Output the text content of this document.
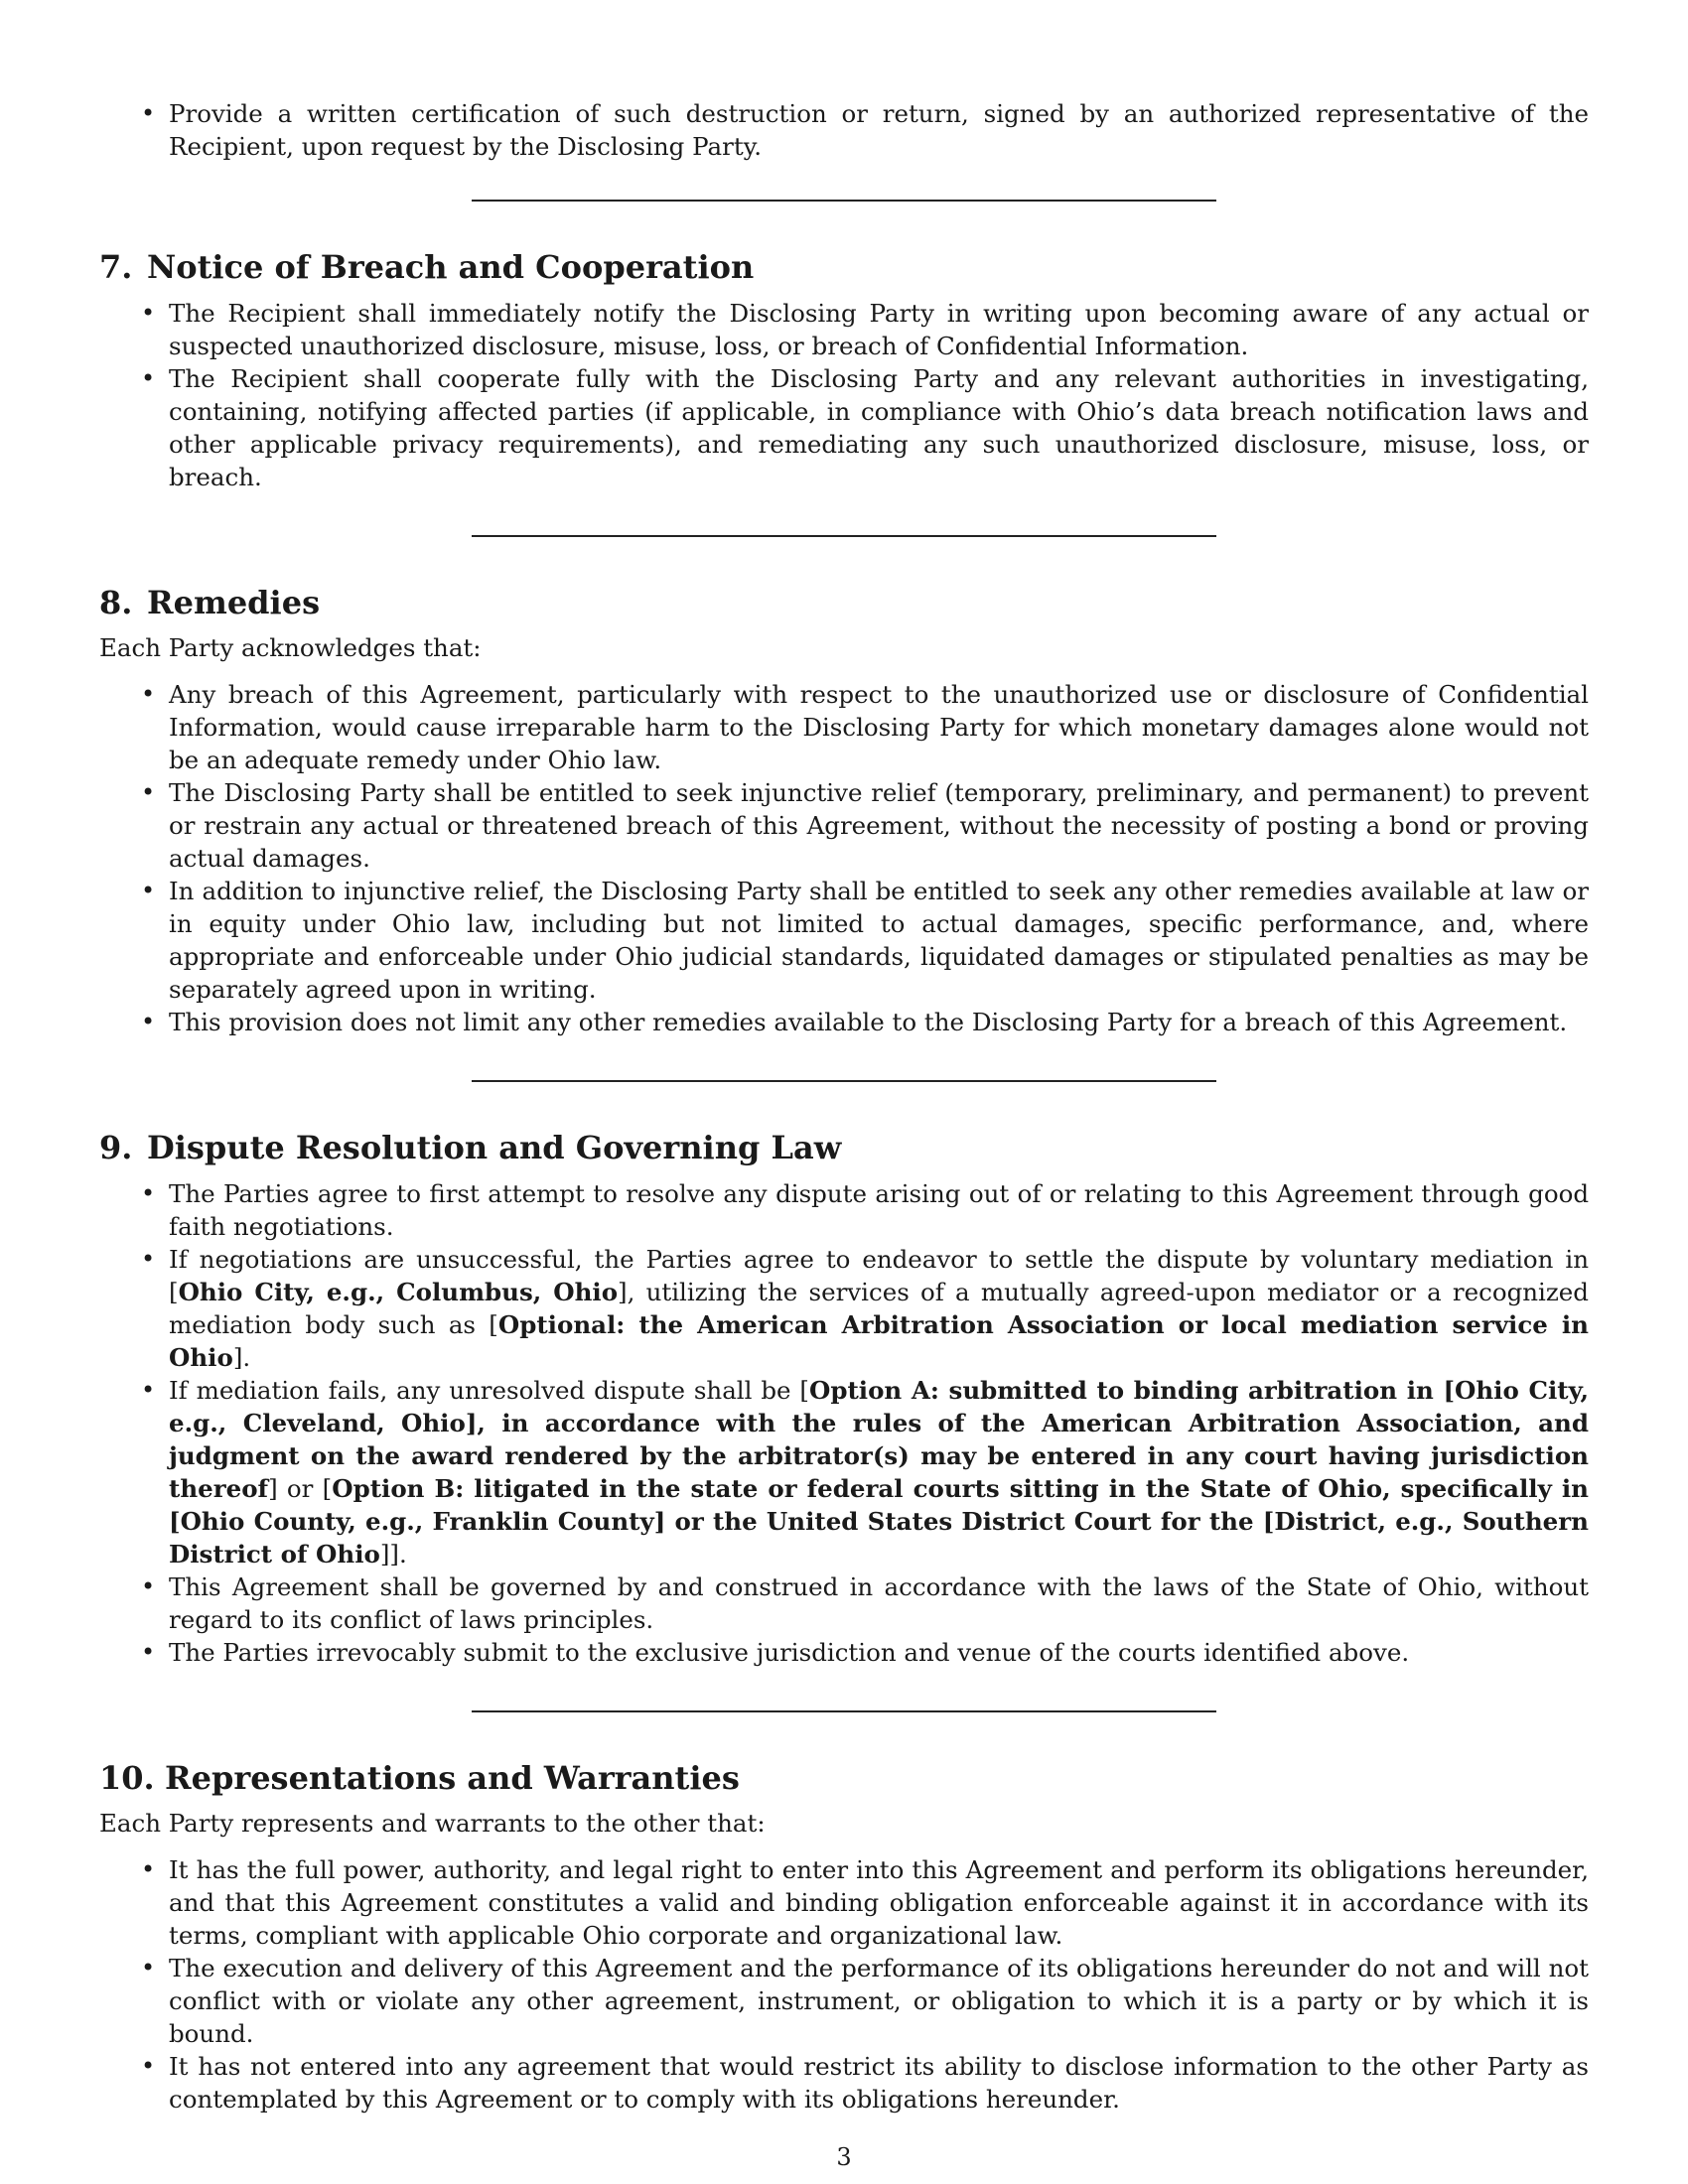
• Provide a written certification of such destruction or return, signed by an authorized representative of the Recipient, upon request by the Disclosing Party.
7. Notice of Breach and Cooperation
• The Recipient shall immediately notify the Disclosing Party in writing upon becoming aware of any actual or suspected unauthorized disclosure, misuse, loss, or breach of Confidential Information.
• The Recipient shall cooperate fully with the Disclosing Party and any relevant authorities in investigating, containing, notifying affected parties (if applicable, in compliance with Ohio’s data breach notification laws and other applicable privacy requirements), and remediating any such unauthorized disclosure, misuse, loss, or breach.
8. Remedies

Each Party acknowledges that:

• Any breach of this Agreement, particularly with respect to the unauthorized use or disclosure of Confidential Information, would cause irreparable harm to the Disclosing Party for which monetary damages alone would not be an adequate remedy under Ohio law.
• The Disclosing Party shall be entitled to seek injunctive relief (temporary, preliminary, and permanent) to prevent or restrain any actual or threatened breach of this Agreement, without the necessity of posting a bond or proving actual damages.
• In addition to injunctive relief, the Disclosing Party shall be entitled to seek any other remedies available at law or in equity under Ohio law, including but not limited to actual damages, specific performance, and, where appropriate and enforceable under Ohio judicial standards, liquidated damages or stipulated penalties as may be separately agreed upon in writing.
• This provision does not limit any other remedies available to the Disclosing Party for a breach of this Agreement.
9. Dispute Resolution and Governing Law
• The Parties agree to first attempt to resolve any dispute arising out of or relating to this Agreement through good faith negotiations.
• If negotiations are unsuccessful, the Parties agree to endeavor to settle the dispute by voluntary mediation in [Ohio City, e.g., Columbus, Ohio], utilizing the services of a mutually agreed-upon mediator or a recognized mediation body such as [Optional: the American Arbitration Association or local mediation service in Ohio].
• If mediation fails, any unresolved dispute shall be [Option A: submitted to binding arbitration in [Ohio City, e.g., Cleveland, Ohio], in accordance with the rules of the American Arbitration Association, and judgment on the award rendered by the arbitrator(s) may be entered in any court having jurisdiction thereof] or [Option B: litigated in the state or federal courts sitting in the State of Ohio, specifically in [Ohio County, e.g., Franklin County] or the United States District Court for the [District, e.g., Southern District of Ohio]].
• This Agreement shall be governed by and construed in accordance with the laws of the State of Ohio, without regard to its conflict of laws principles.
• The Parties irrevocably submit to the exclusive jurisdiction and venue of the courts identified above.
10. Representations and Warranties

Each Party represents and warrants to the other that:

• It has the full power, authority, and legal right to enter into this Agreement and perform its obligations hereunder, and that this Agreement constitutes a valid and binding obligation enforceable against it in accordance with its terms, compliant with applicable Ohio corporate and organizational law.
• The execution and delivery of this Agreement and the performance of its obligations hereunder do not and will not conflict with or violate any other agreement, instrument, or obligation to which it is a party or by which it is bound.
• It has not entered into any agreement that would restrict its ability to disclose information to the other Party as contemplated by this Agreement or to comply with its obligations hereunder.
3
